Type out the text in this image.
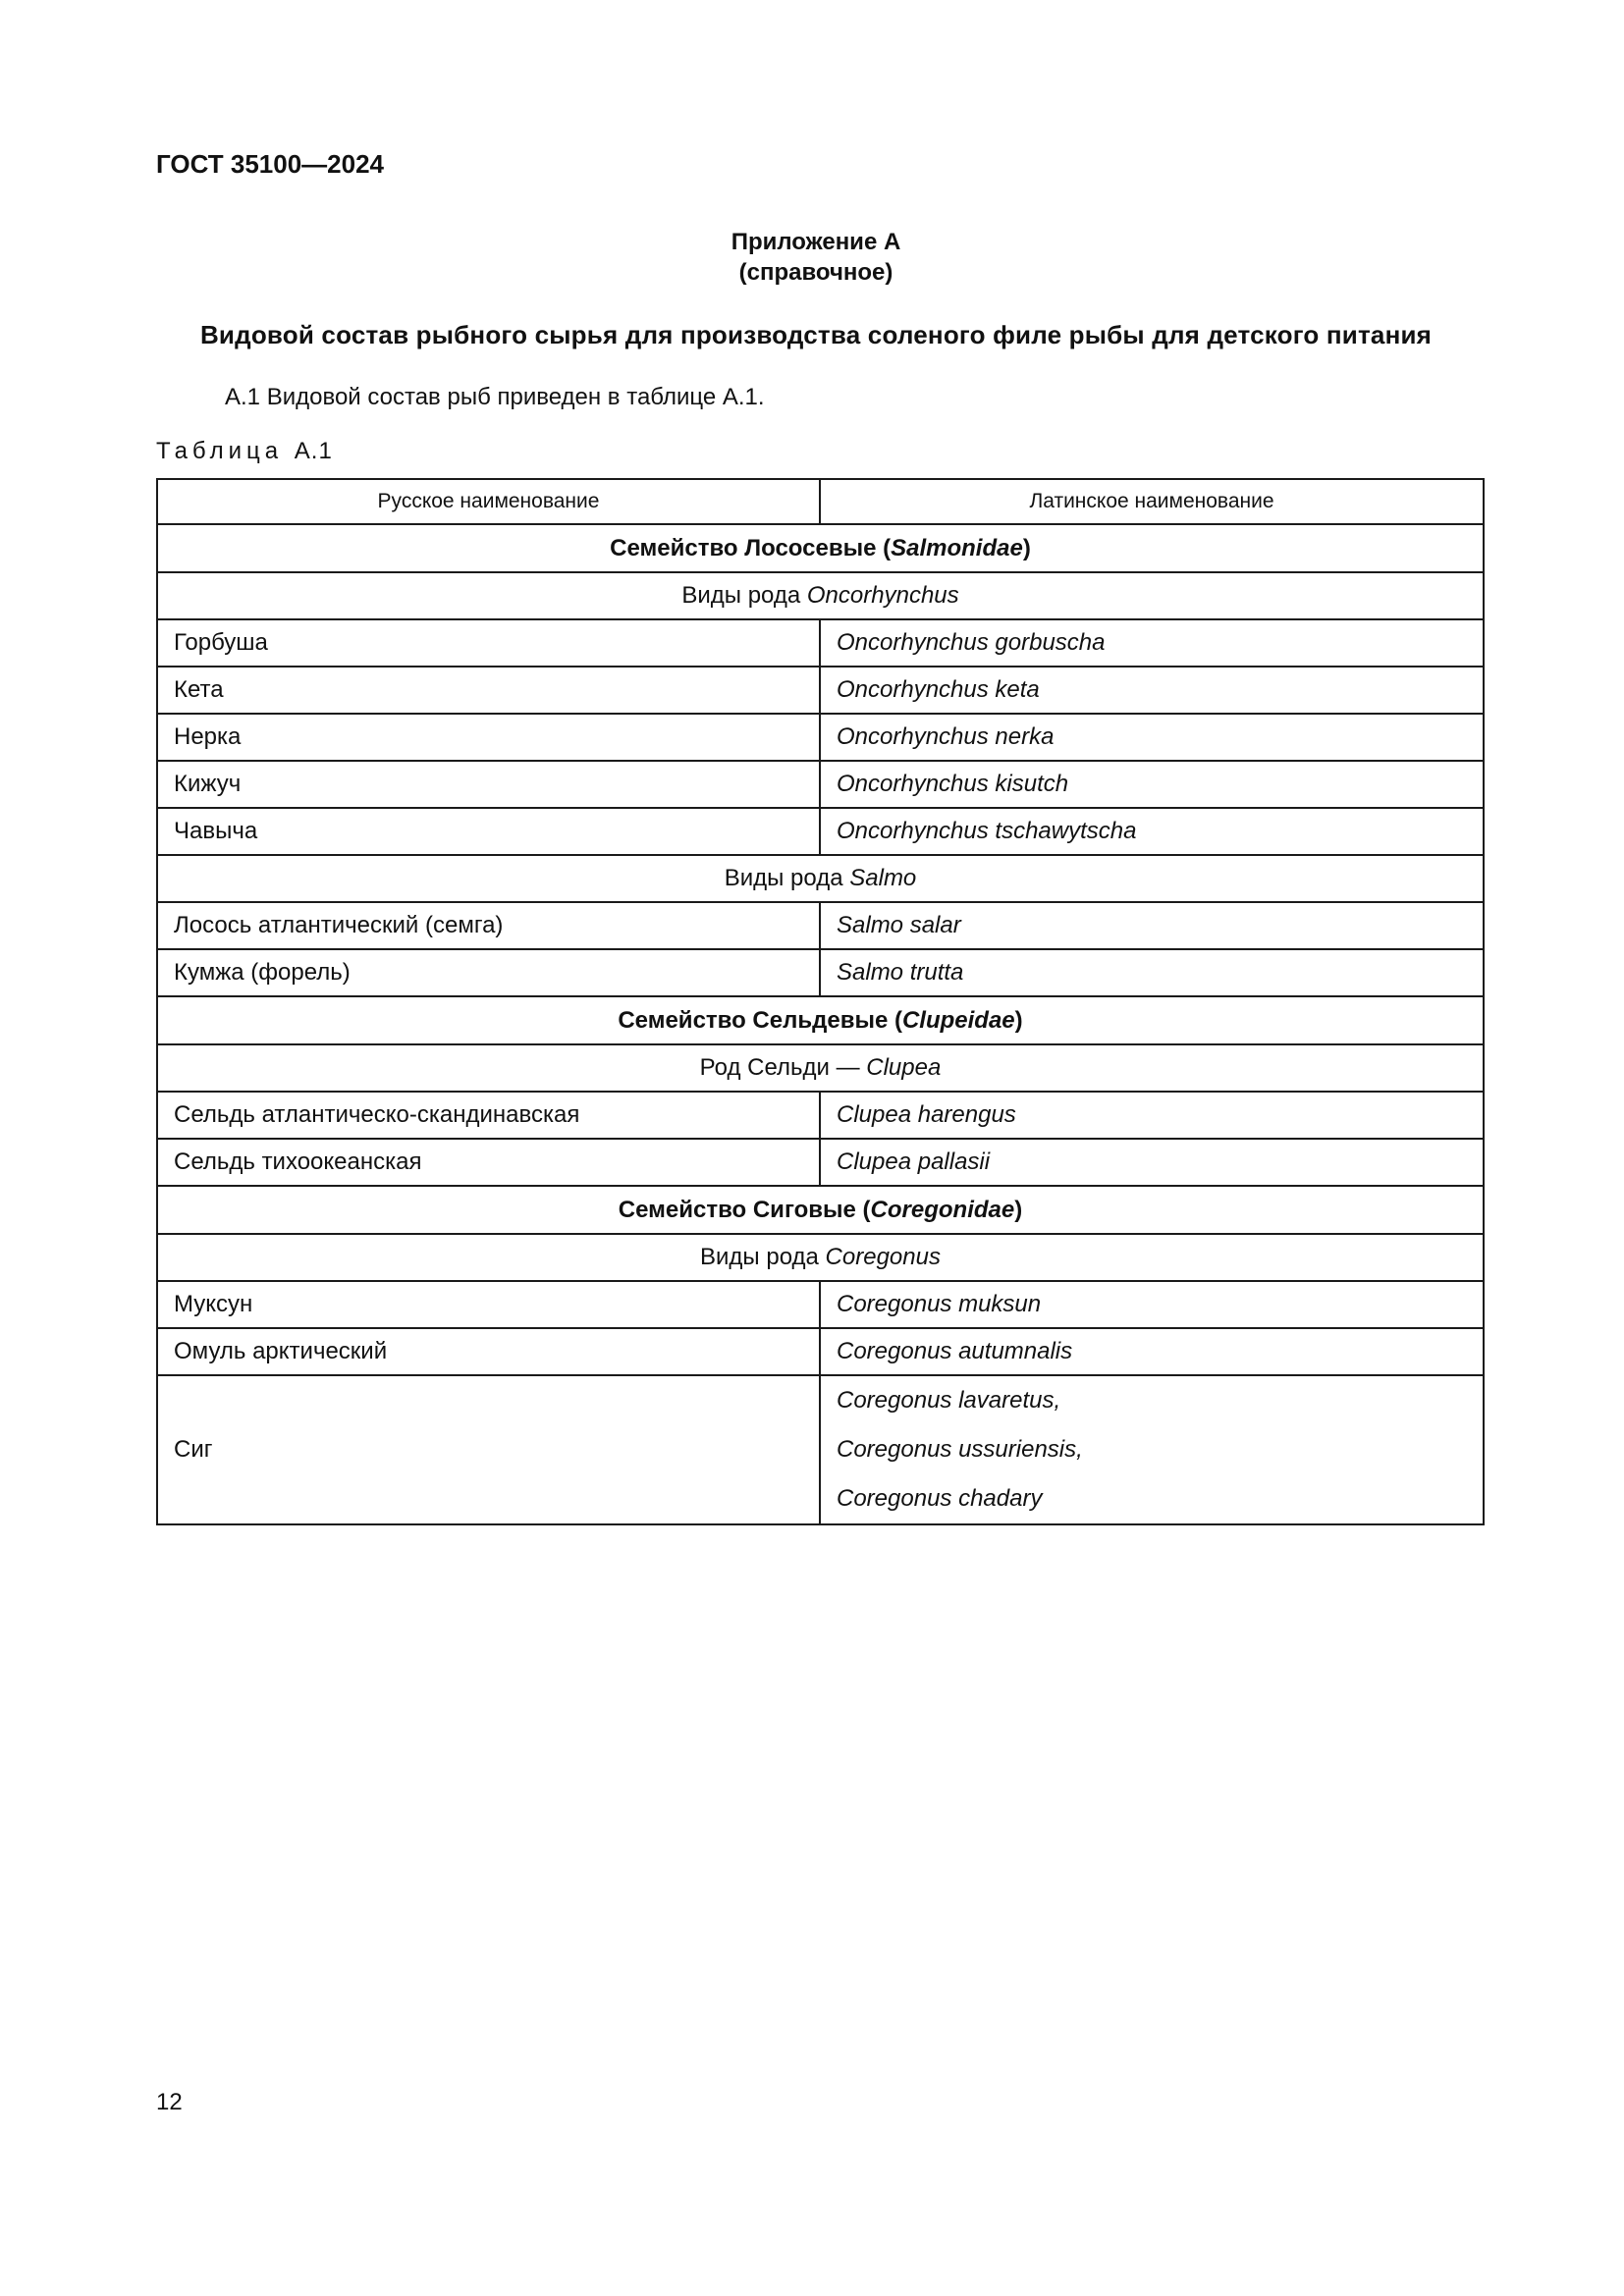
ГОСТ 35100—2024
Приложение А
(справочное)
Видовой состав рыбного сырья для производства соленого филе рыбы для детского питания
А.1 Видовой состав рыб приведен в таблице А.1.
Таблица А.1
Русское наименование	Латинское наименование
Семейство Лососевые (Salmonidae)	
Виды рода Oncorhynchus	
Горбуша	Oncorhynchus gorbuscha
Кета	Oncorhynchus keta
Нерка	Oncorhynchus nerka
Кижуч	Oncorhynchus kisutch
Чавыча	Oncorhynchus tschawytscha
Виды рода Salmo	
Лосось атлантический (семга)	Salmo salar
Кумжа (форель)	Salmo trutta
Семейство Сельдевые (Clupeidae)	
Род Сельди — Clupea	
Сельдь атлантическо-скандинавская	Clupea harengus
Сельдь тихоокеанская	Clupea pallasii
Семейство Сиговые (Coregonidae)	
Виды рода Coregonus	
Муксун	Coregonus muksun
Омуль арктический	Coregonus autumnalis
Сиг	Coregonus lavaretus,
Coregonus ussuriensis,
Coregonus chadary
12
